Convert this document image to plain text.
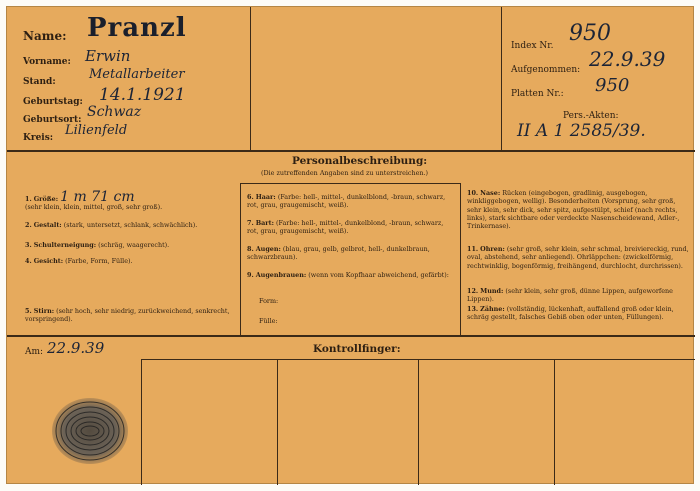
Name: Pranzl
Vorname: Erwin
Stand:	Metallarbeiter
Geburtstag: 14.1.1921
Geburtsort: Schwaz
Kreis: Lilienfeld
Index Nr. 950
Aufgenommen: 22.9.39
Platten Nr.: 950
Pers.-Akten:
II A 1 2585/39.
Personalbeschreibung:
(Die zutreffenden Angaben sind zu unterstreichen.)
1. Größe: 1 m 71 cm
(sehr klein, klein, mittel, groß, sehr groß).
2. Gestalt: (stark, untersetzt, schlank, schwächlich).
3. Schulterneigung: (schräg, waagerecht).
4. Gesicht: (Farbe, Form, Fülle).
5. Stirn: (sehr hoch, sehr niedrig, zurückweichend, senkrecht, vorspringend).
6. Haar: (Farbe: hell-, mittel-, dunkelblond, -braun, schwarz, rot, grau, graugemischt, weiß).
7. Bart: (Farbe: hell-, mittel-, dunkelblond, -braun, schwarz, rot, grau, graugemischt, weiß).
8. Augen: (blau, grau, gelb, gelbrot, hell-, dunkelbraun, schwarzbraun).
9. Augenbrauen: (wenn vom Kopfhaar abweichend, gefärbt):
Form:
Fülle:
10. Nase: Rücken (eingebogen, gradlinig, ausgebogen, winkliggebogen, wellig). Besonderheiten (Vorsprung, sehr groß, sehr klein, sehr dick, sehr spitz, aufgestülpt, schief (nach rechts, links), stark sichtbare oder verdeckte Nasenscheidewand, Adler-, Trinkernase).
11. Ohren: (sehr groß, sehr klein, sehr schmal, breiviereckig, rund, oval, abstehend, sehr anliegend). Ohrläppchen: (zwickelförmig, rechtwinklig, bogenförmig, freihängend, durchlocht, durchrissen).
12. Mund: (sehr klein, sehr groß, dünne Lippen, aufgeworfene Lippen).
13. Zähne: (vollständig, lückenhaft, auffallend groß oder klein, schräg gestellt, falsches Gebiß oben oder unten, Füllungen).
Am: 22.9.39	Kontrollfinger:
